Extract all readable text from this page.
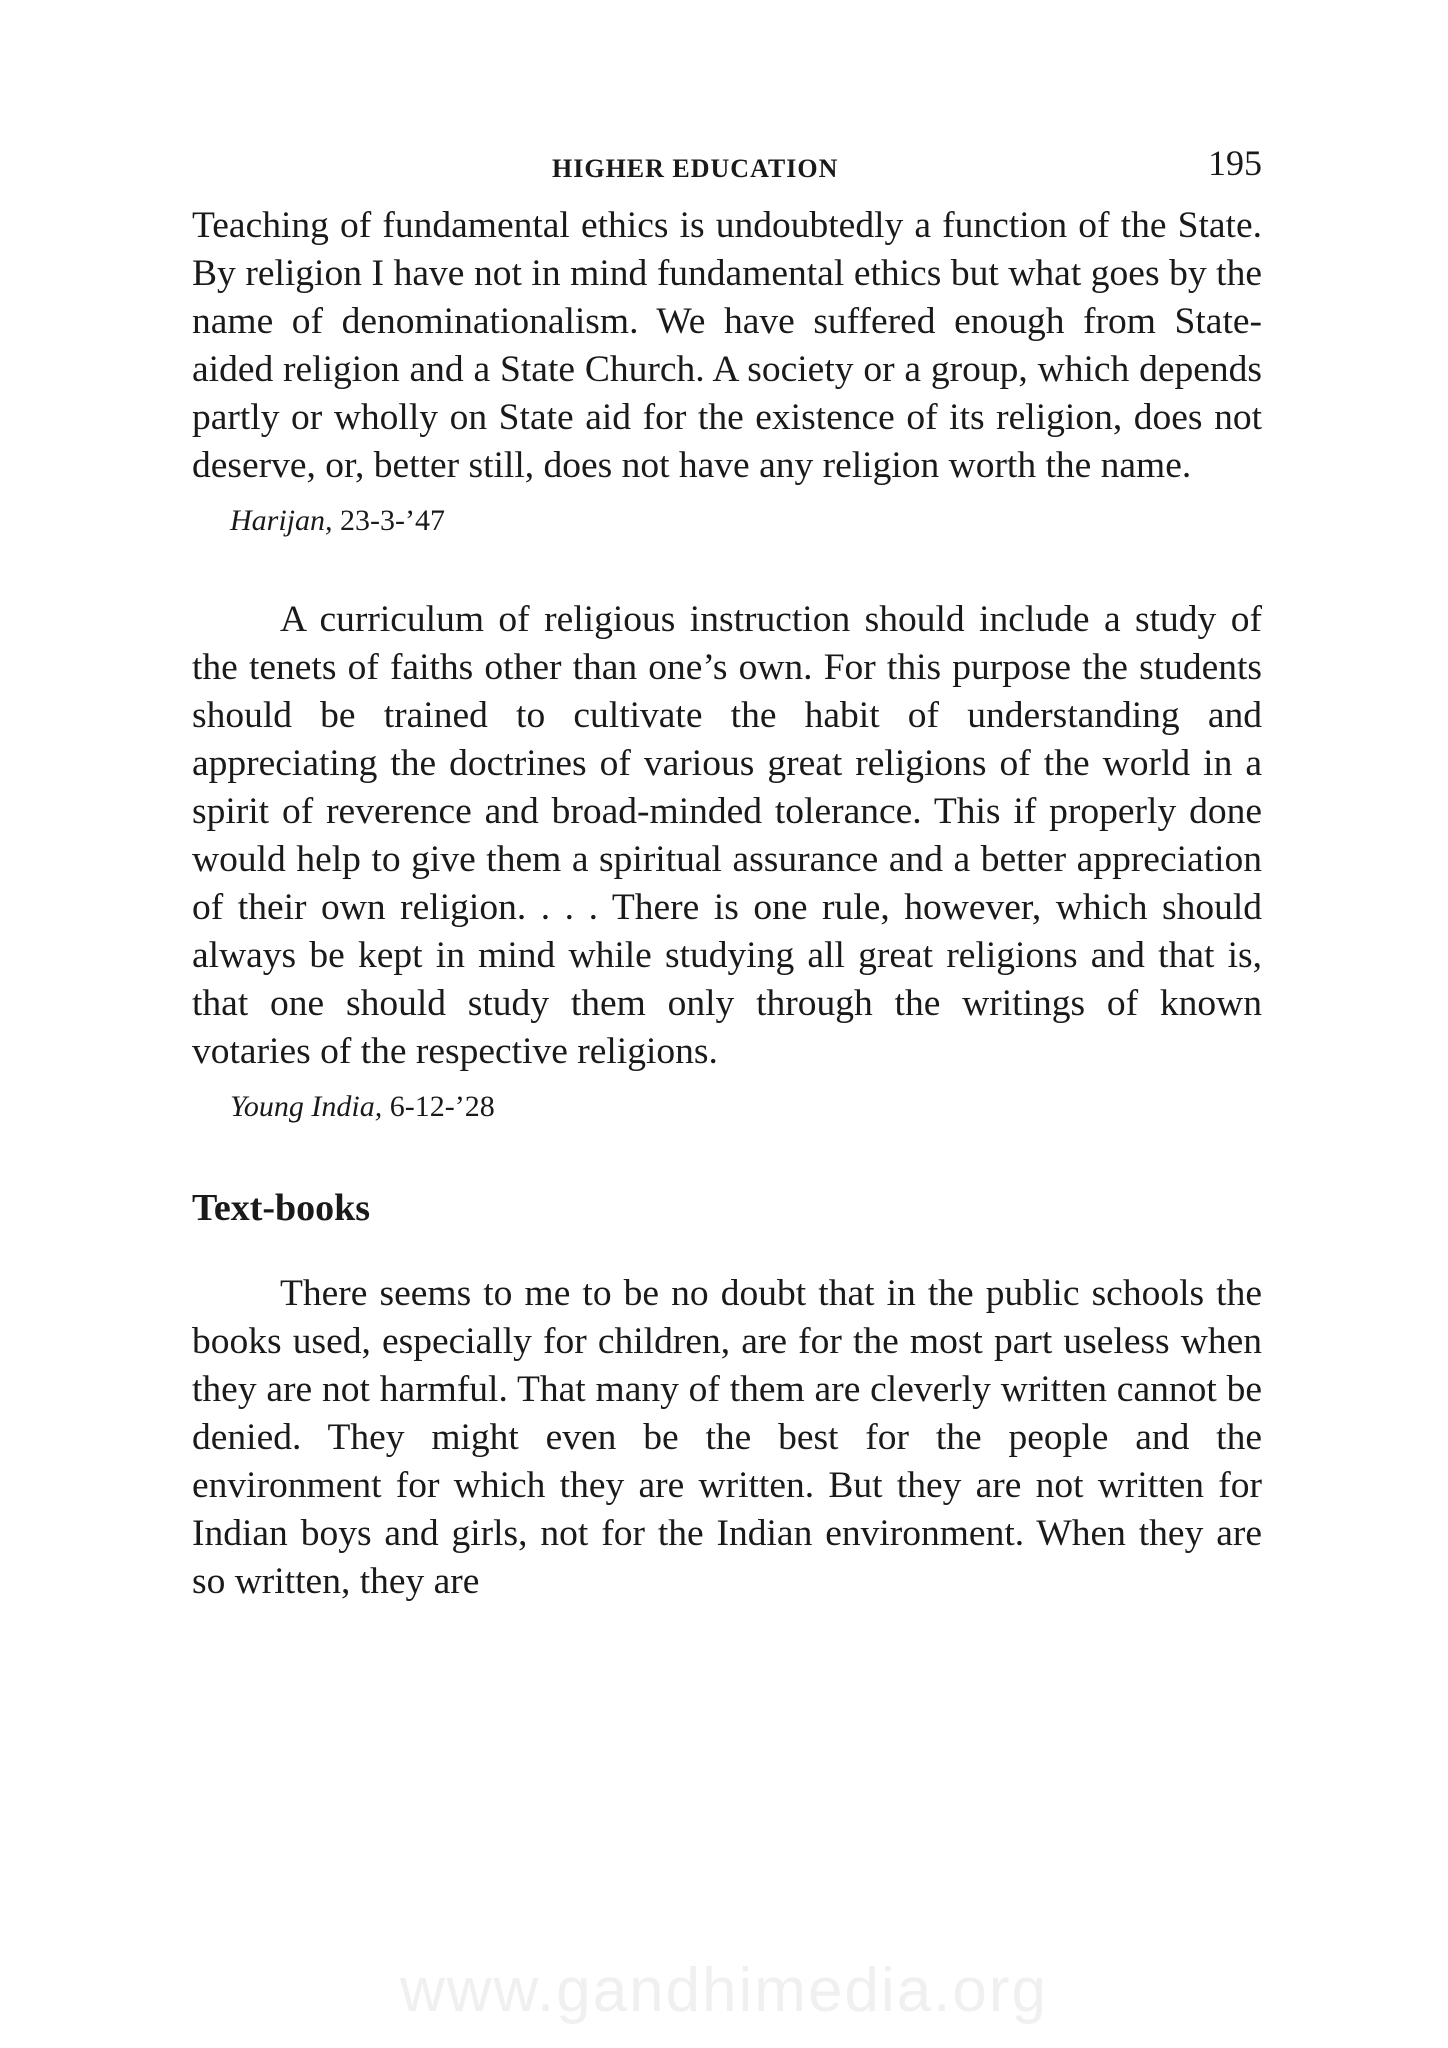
HIGHER EDUCATION	195

Teaching of fundamental ethics is undoubtedly a function of the State. By religion I have not in mind fundamental ethics but what goes by the name of denominationalism. We have suffered enough from State-aided religion and a State Church. A society or a group, which depends partly or wholly on State aid for the existence of its religion, does not deserve, or, better still, does not have any religion worth the name.

Harijan, 23-3-’47

A curriculum of religious instruction should include a study of the tenets of faiths other than one’s own. For this purpose the students should be trained to cultivate the habit of understanding and appreciating the doctrines of various great religions of the world in a spirit of reverence and broad-minded tolerance. This if properly done would help to give them a spiritual assurance and a better appreciation of their own religion. . . . There is one rule, however, which should always be kept in mind while studying all great religions and that is, that one should study them only through the writings of known votaries of the respective religions.

Young India, 6-12-’28
Text-books

There seems to me to be no doubt that in the public schools the books used, especially for children, are for the most part useless when they are not harmful. That many of them are cleverly written cannot be denied. They might even be the best for the people and the environment for which they are written. But they are not written for Indian boys and girls, not for the Indian environment. When they are so written, they are

www.gandhimedia.org
